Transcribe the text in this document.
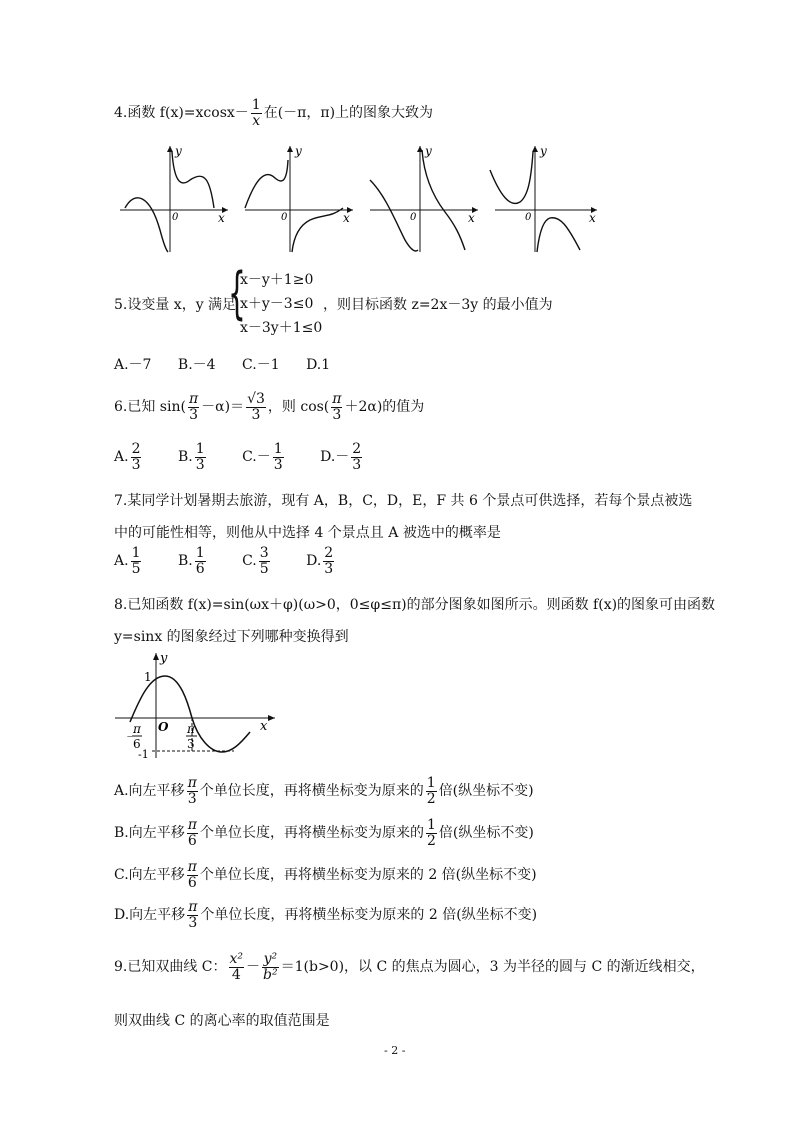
4.函数 $f(x)=xcosx- \frac{1}{x}$ 在(－π，π)上的图象大致为
y
x
0
y
x
0
y
x
0
y
x
0
5.设变量 x，y 满足
{
x－y＋1≥0
x＋y－3≤0
x－3y＋1≤0
，则目标函数 z=2x－3y 的最小值为
A.－7 B.－4 C.－1 D.1
6.已知 $\sin( \frac{\pi}{3} -\alpha)= \frac{√3}{3}$ ，则 $\cos( \frac{\pi}{3} +2\alpha)$的值为
A. $\frac{2}{3}$	B. $\frac{1}{3}$	$C.- \frac{1}{3}$	$D.- \frac{2}{3}$
7.某同学计划暑期去旅游，现有 A，B，C，D，E，F 共 6 个景点可供选择，若每个景点被选
中的可能性相等，则他从中选择 4 个景点且 A 被选中的概率是
A. $\frac{1}{5}$	B. $\frac{1}{6}$	C. $\frac{3}{5}$	D. $\frac{2}{3}$
8.已知函数 f(x)=sin(ωx＋φ)(ω>0，0≤φ≤π)的部分图象如图所示。则函数 f(x)的图象可由函数
y=sinx 的图象经过下列哪种变换得到
y
x
O
1
-1
－
π
6
π
3
A.向左平移 $\frac{\pi}{3}$ 个单位长度，再将横坐标变为原来的 $\frac{1}{2}$ 倍(纵坐标不变)
B.向左平移 $\frac{\pi}{6}$ 个单位长度，再将横坐标变为原来的 $\frac{1}{2}$ 倍(纵坐标不变)
C.向左平移 $\frac{\pi}{6}$ 个单位长度，再将横坐标变为原来的 2 倍(纵坐标不变)
D.向左平移 $\frac{\pi}{3}$ 个单位长度，再将横坐标变为原来的 2 倍(纵坐标不变)
9.已知双曲线 C： $\frac{\text{x²}}{4} - \frac{\text{y²}}{\text{b²}} =1(b>0)$，以 C 的焦点为圆心，3 为半径的圆与 C 的渐近线相交，
则双曲线 C 的离心率的取值范围是
- 2 -
